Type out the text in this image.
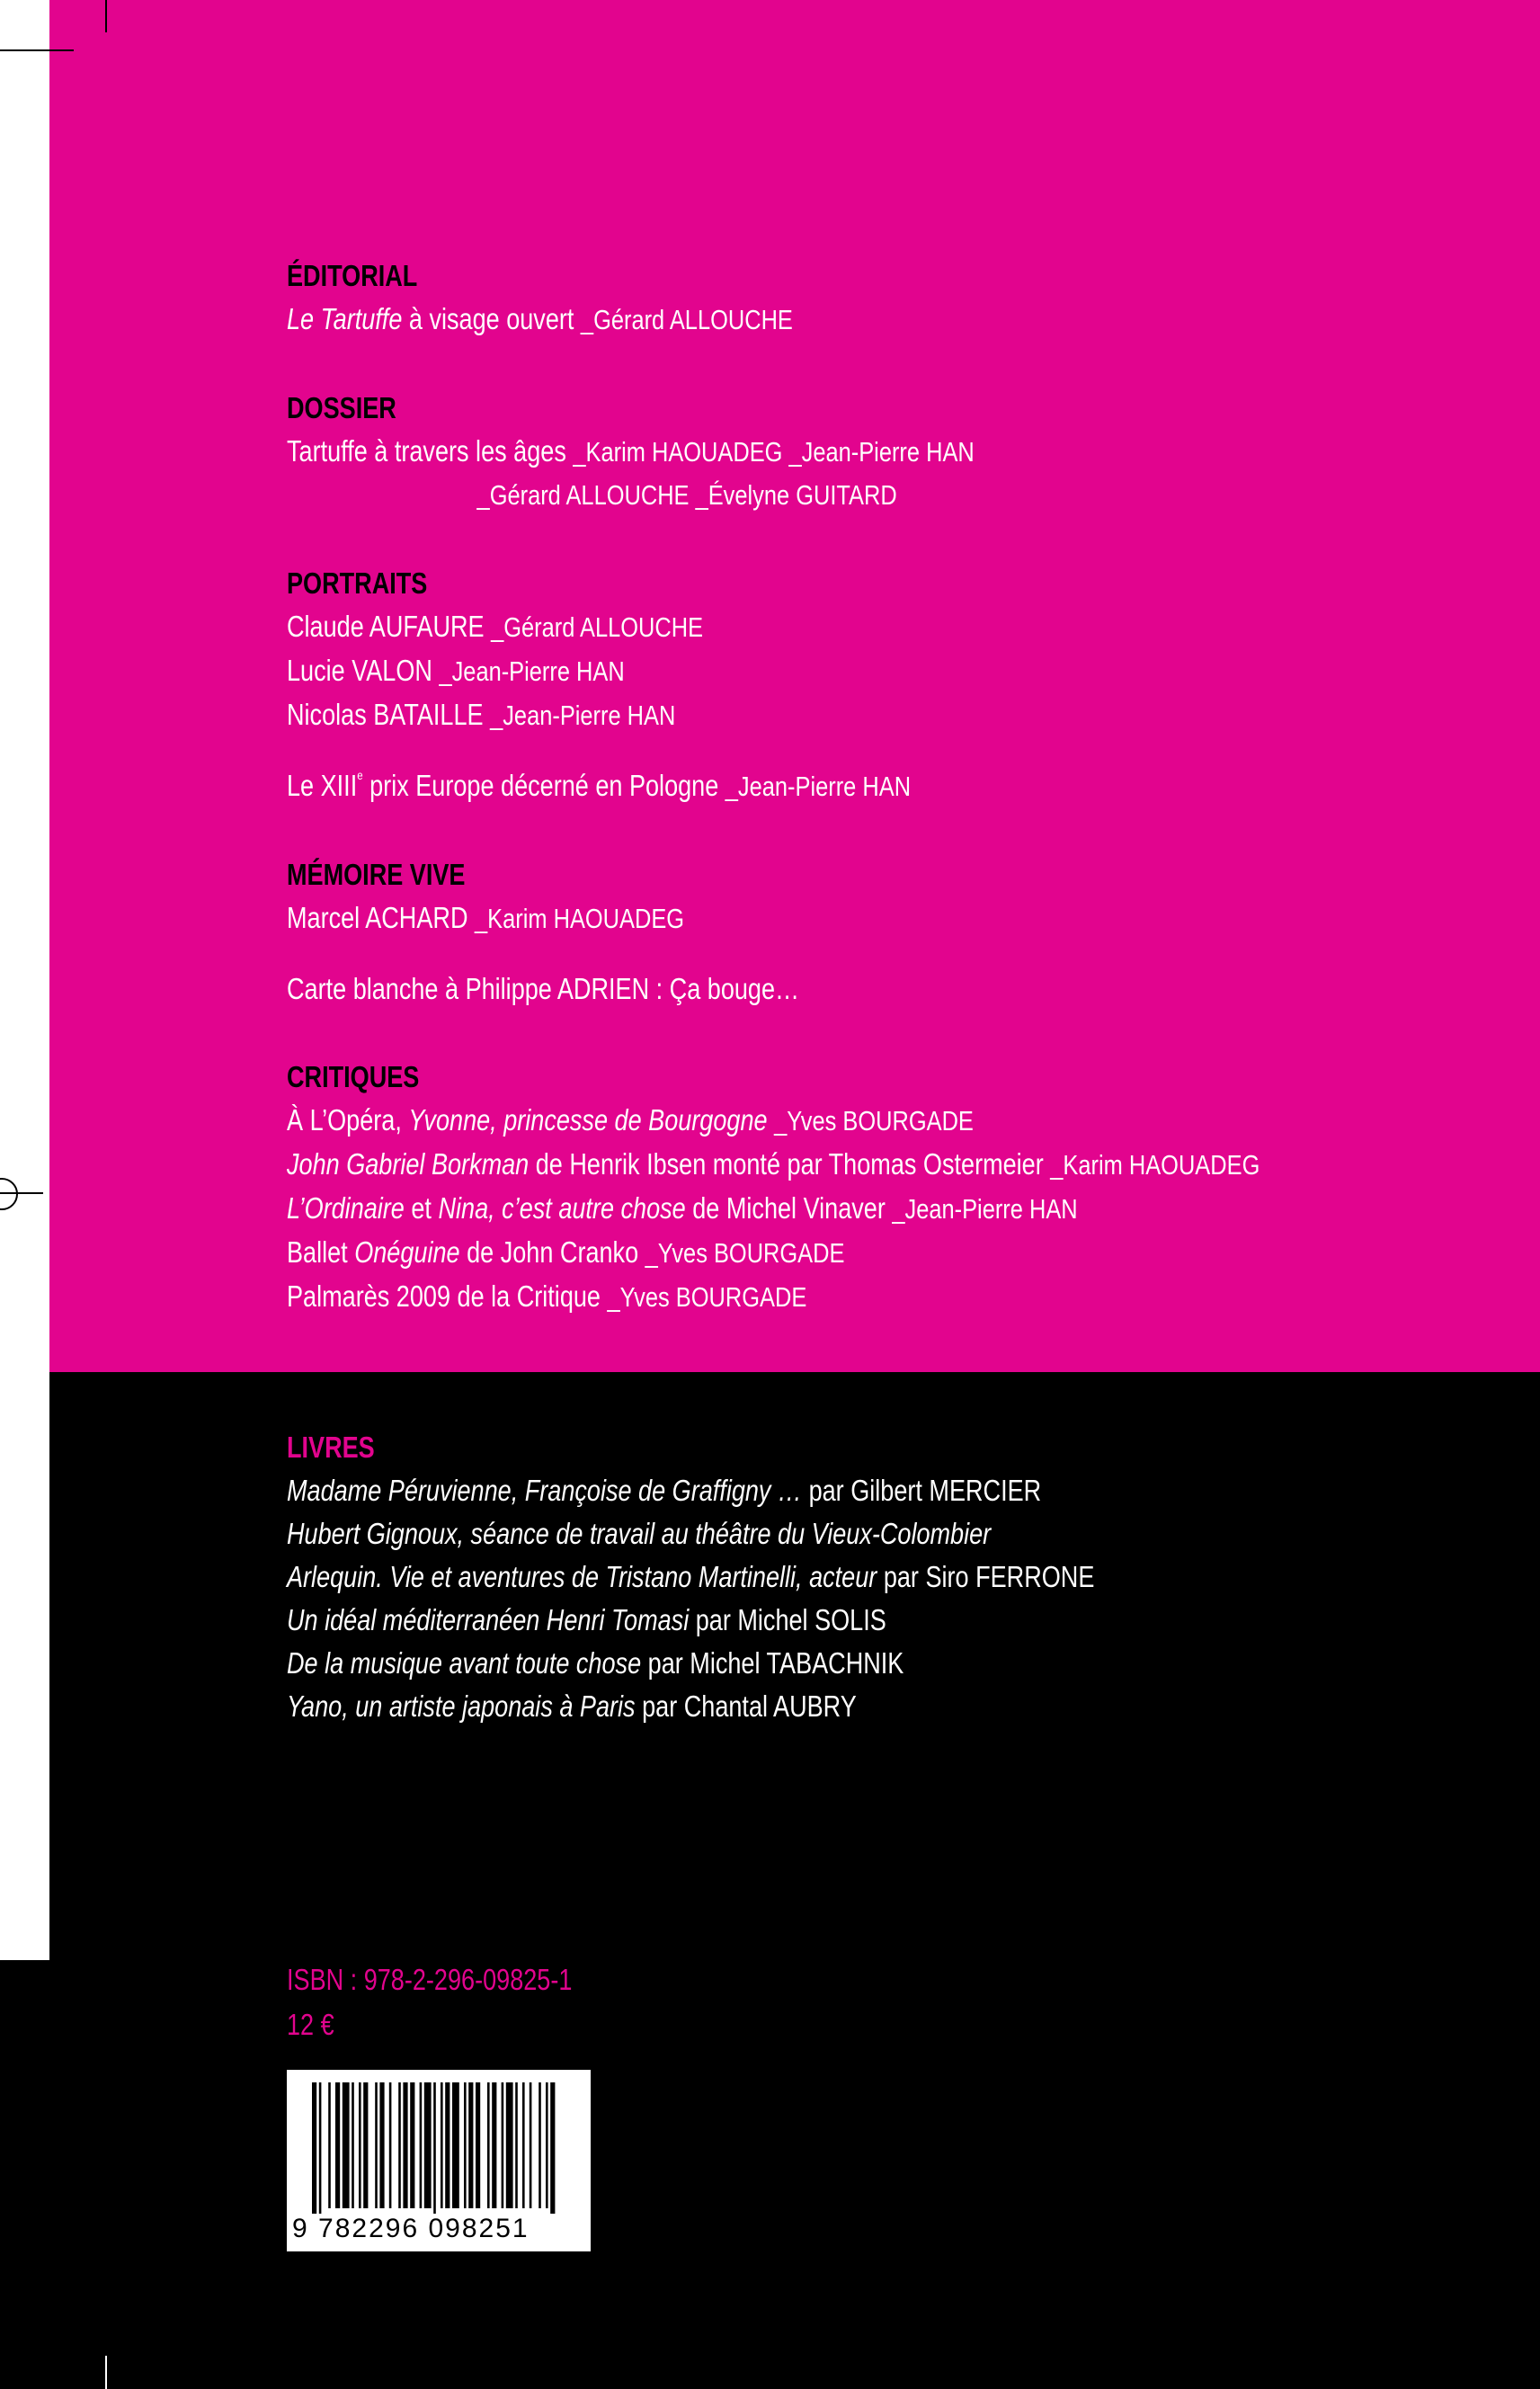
ÉDITORIAL
Le Tartuffe à visage ouvert _Gérard ALLOUCHE
DOSSIER
Tartuffe à travers les âges _Karim HAOUADEG _Jean-Pierre HAN
_Gérard ALLOUCHE _Évelyne GUITARD
PORTRAITS
Claude AUFAURE _Gérard ALLOUCHE
Lucie VALON _Jean-Pierre HAN
Nicolas BATAILLE _Jean-Pierre HAN
Le XIIIe prix Europe décerné en Pologne _Jean-Pierre HAN
MÉMOIRE VIVE
Marcel ACHARD _Karim HAOUADEG
Carte blanche à Philippe ADRIEN : Ça bouge…
CRITIQUES
À L’Opéra, Yvonne, princesse de Bourgogne _Yves BOURGADE
John Gabriel Borkman de Henrik Ibsen monté par Thomas Ostermeier _Karim HAOUADEG
L’Ordinaire et Nina, c’est autre chose de Michel Vinaver _Jean-Pierre HAN
Ballet Onéguine de John Cranko _Yves BOURGADE
Palmarès 2009 de la Critique _Yves BOURGADE
LIVRES
Madame Péruvienne, Françoise de Graffigny … par Gilbert MERCIER
Hubert Gignoux, séance de travail au théâtre du Vieux-Colombier
Arlequin. Vie et aventures de Tristano Martinelli, acteur par Siro FERRONE
Un idéal méditerranéen Henri Tomasi par Michel SOLIS
De la musique avant toute chose par Michel TABACHNIK
Yano, un artiste japonais à Paris par Chantal AUBRY
ISBN : 978-2-296-09825-1
12 €
9 782296 098251
